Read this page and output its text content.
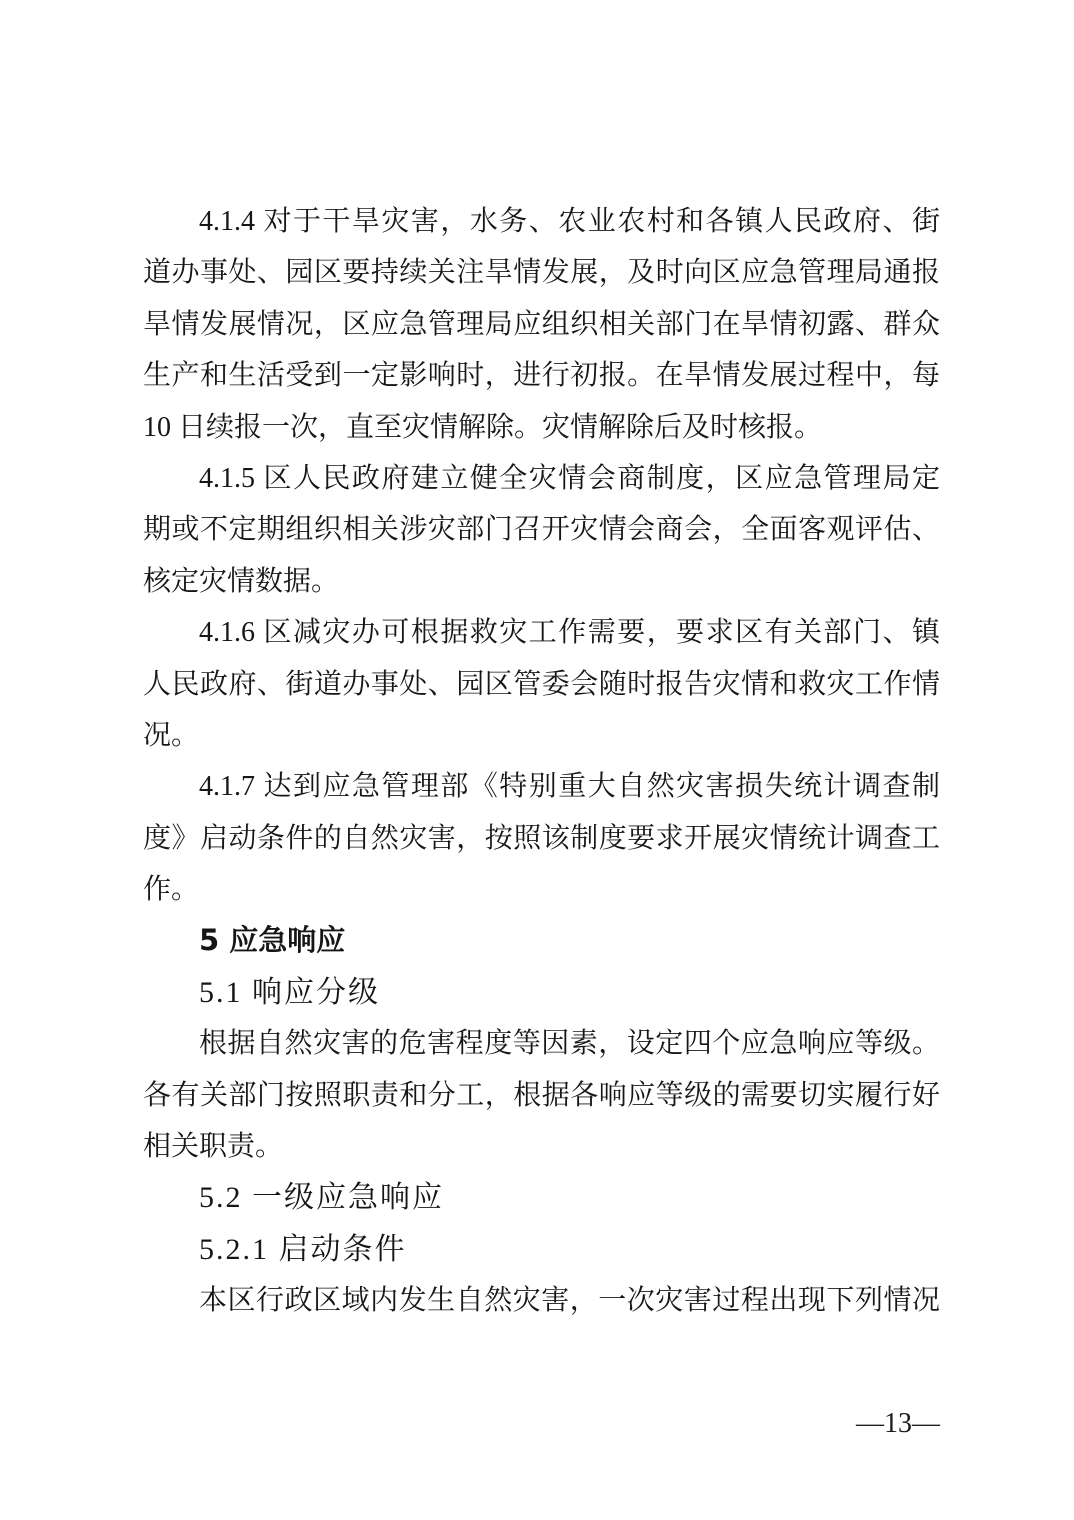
4.1.4 对于干旱灾害，水务、农业农村和各镇人民政府、街
道办事处、园区要持续关注旱情发展，及时向区应急管理局通报
旱情发展情况，区应急管理局应组织相关部门在旱情初露、群众
生产和生活受到一定影响时，进行初报。在旱情发展过程中，每
10 日续报一次，直至灾情解除。灾情解除后及时核报。
4.1.5 区人民政府建立健全灾情会商制度，区应急管理局定
期或不定期组织相关涉灾部门召开灾情会商会，全面客观评估、
核定灾情数据。
4.1.6 区减灾办可根据救灾工作需要，要求区有关部门、镇
人民政府、街道办事处、园区管委会随时报告灾情和救灾工作情
况。
4.1.7 达到应急管理部《特别重大自然灾害损失统计调查制
度》启动条件的自然灾害，按照该制度要求开展灾情统计调查工
作。
5 应急响应
5.1 响应分级
根据自然灾害的危害程度等因素，设定四个应急响应等级。
各有关部门按照职责和分工，根据各响应等级的需要切实履行好
相关职责。
5.2 一级应急响应
5.2.1 启动条件
本区行政区域内发生自然灾害，一次灾害过程出现下列情况
—13—
